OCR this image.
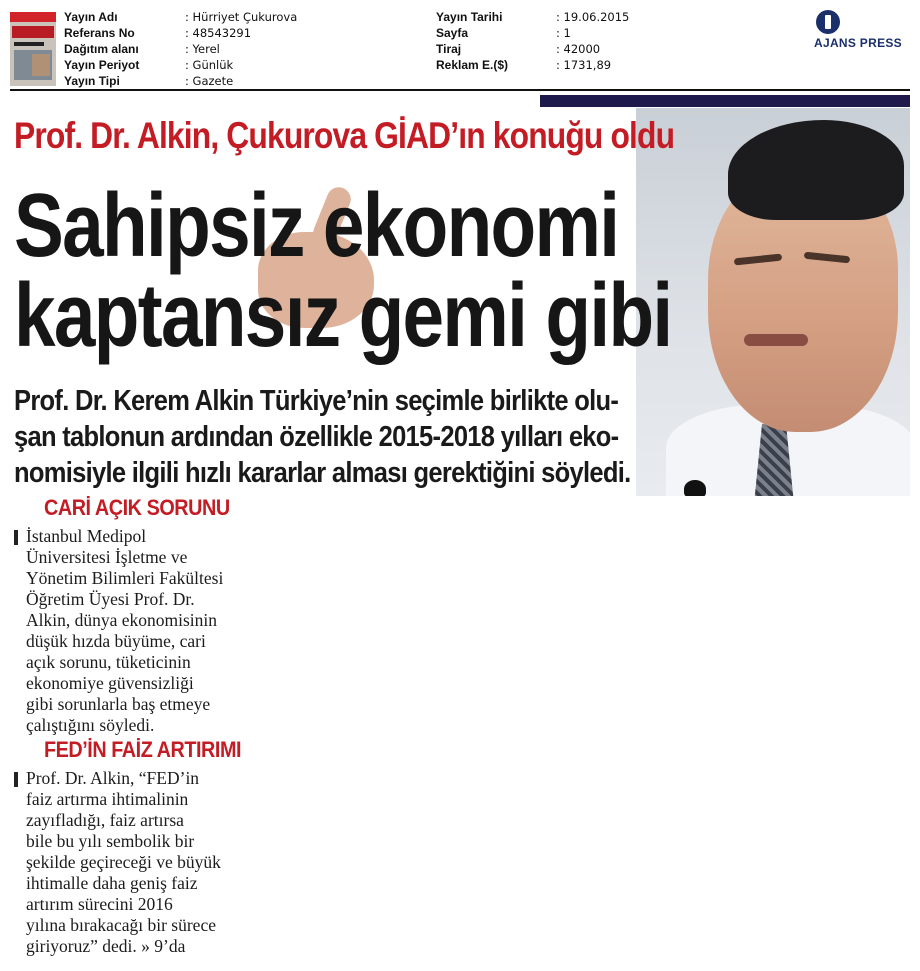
Yayın Adı	: Hürriyet Çukurova
Referans No	: 48543291
Dağıtım alanı	: Yerel
Yayın Periyot	: Günlük
Yayın Tipi	: Gazete
Yayın Tarihi	: 19.06.2015
Sayfa	: 1
Tiraj	: 42000
Reklam E.($)	: 1731,89
AJANS PRESS
Prof. Dr. Alkin, Çukurova GİAD’ın konuğu oldu
Sahipsiz ekonomi
kaptansız gemi gibi
Prof. Dr. Kerem Alkin Türkiye’nin seçimle birlikte olu-
şan tablonun ardından özellikle 2015-2018 yılları eko-
nomisiyle ilgili hızlı kararlar alması gerektiğini söyledi.
CARİ AÇIK SORUNU
İstanbul Medipol
Üniversitesi İşletme ve
Yönetim Bilimleri Fakültesi
Öğretim Üyesi Prof. Dr.
Alkin, dünya ekonomisinin
düşük hızda büyüme, cari
açık sorunu, tüketicinin
ekonomiye güvensizliği
gibi sorunlarla baş etmeye
çalıştığını söyledi.
FED’İN FAİZ ARTIRIMI
Prof. Dr. Alkin, “FED’in
faiz artırma ihtimalinin
zayıfladığı, faiz artırsa
bile bu yılı sembolik bir
şekilde geçireceği ve büyük
ihtimalle daha geniş faiz
artırım sürecini 2016
yılına bırakacağı bir sürece
giriyoruz” dedi. » 9’da
